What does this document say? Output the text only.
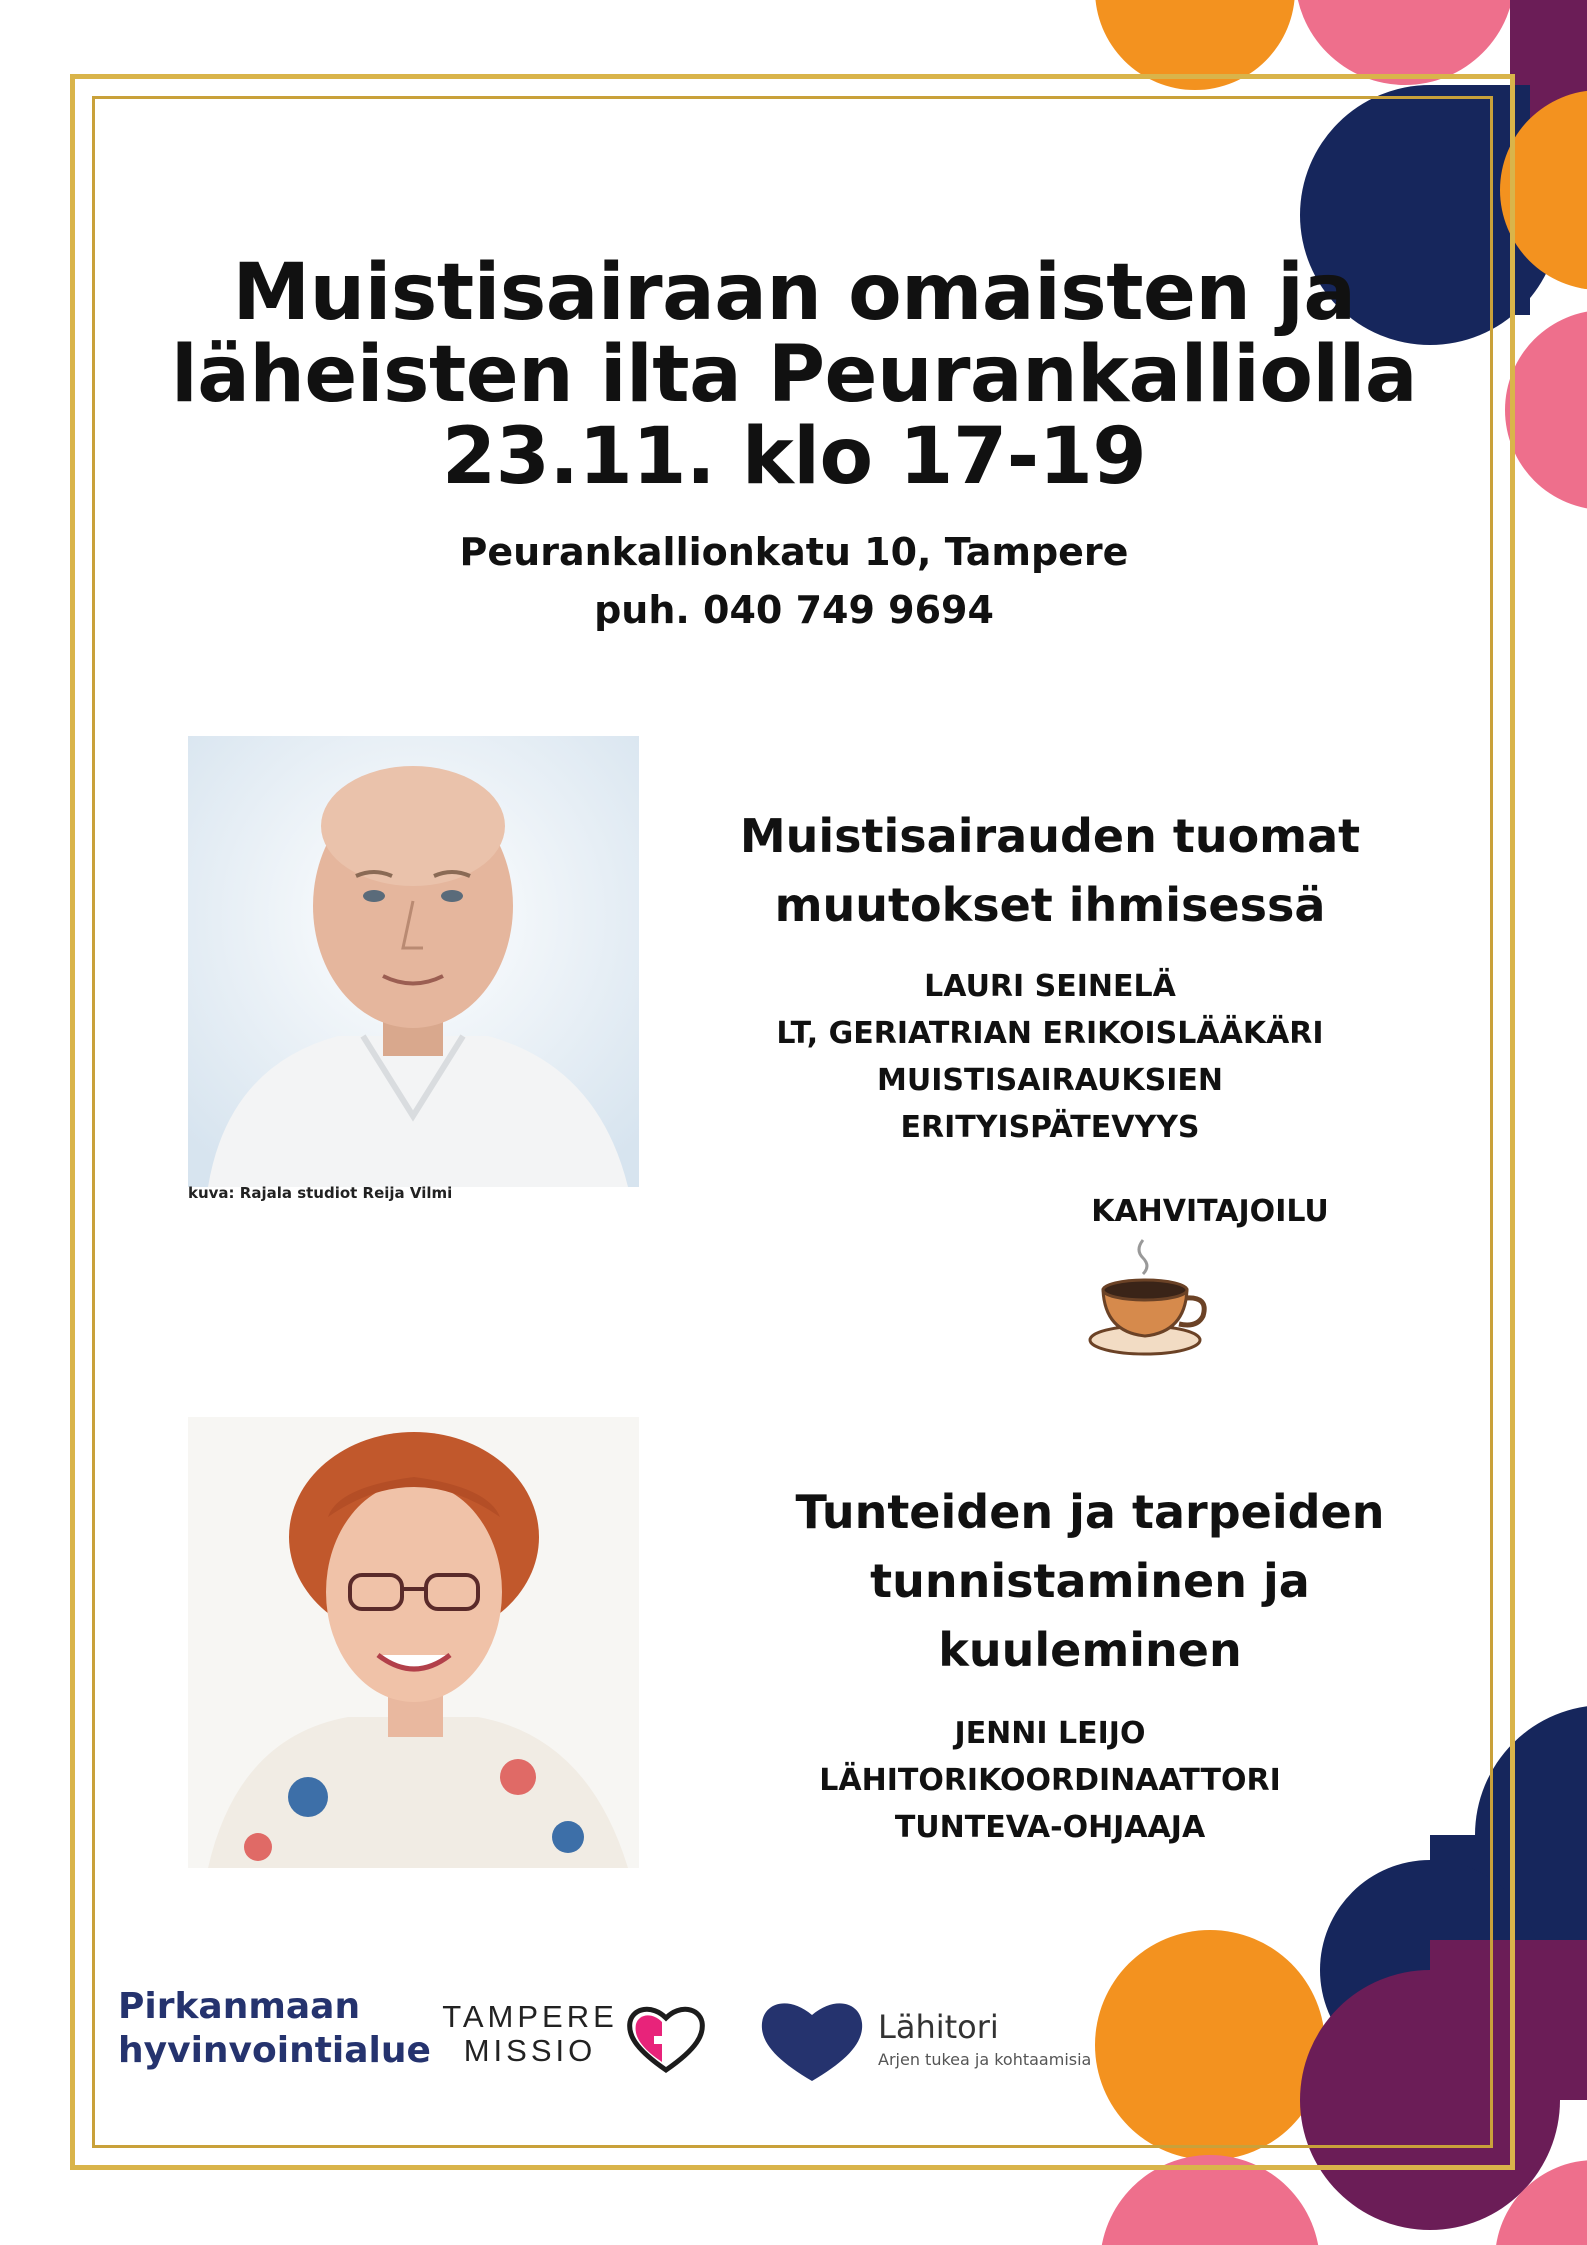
Muistisairaan omaisten ja
läheisten ilta Peurankalliolla
23.11. klo 17-19
Peurankallionkatu 10, Tampere
puh. 040 749 9694
kuva: Rajala studiot Reija Vilmi
Muistisairauden tuomat
muutokset ihmisessä
LAURI SEINELÄ
LT, GERIATRIAN ERIKOISLÄÄKÄRI
MUISTISAIRAUKSIEN
ERITYISPÄTEVYYS
KAHVITAJOILU
Tunteiden ja tarpeiden
tunnistaminen ja
kuuleminen
JENNI LEIJO
LÄHITORIKOORDINAATTORI
TUNTEVA-OHJAAJA
Pirkanmaan
hyvinvointialue
TAMPERE
MISSIO
Lähitori
Arjen tukea ja kohtaamisia
